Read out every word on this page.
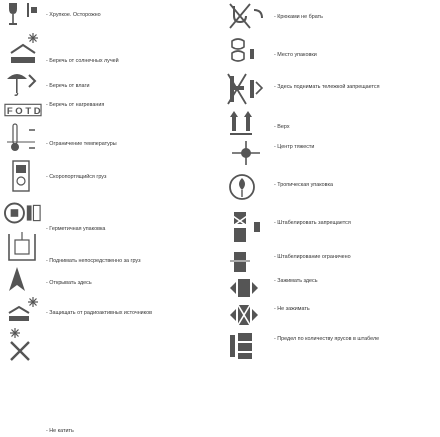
- Хрупкое. Осторожно
- Беречь от солнечных лучей
- Беречь от влаги
F O T D
- Беречь от нагревания
- Ограничение температуры
- Скоропортящийся груз
- Герметичная упаковка
- Поднимать непосредственно за груз
- Открывать здесь
- Защищать от радиоактивных источников
- Не катить
- Крюками не брать
- Место упаковки
- Здесь поднимать тележкой запрещается
- Верх
- Центр тяжести
- Тропическая упаковка
- Штабелировать запрещается
- Штабелирование ограничено
- Зажимать здесь
- Не зажимать
- Предел по количеству ярусов в штабеле
